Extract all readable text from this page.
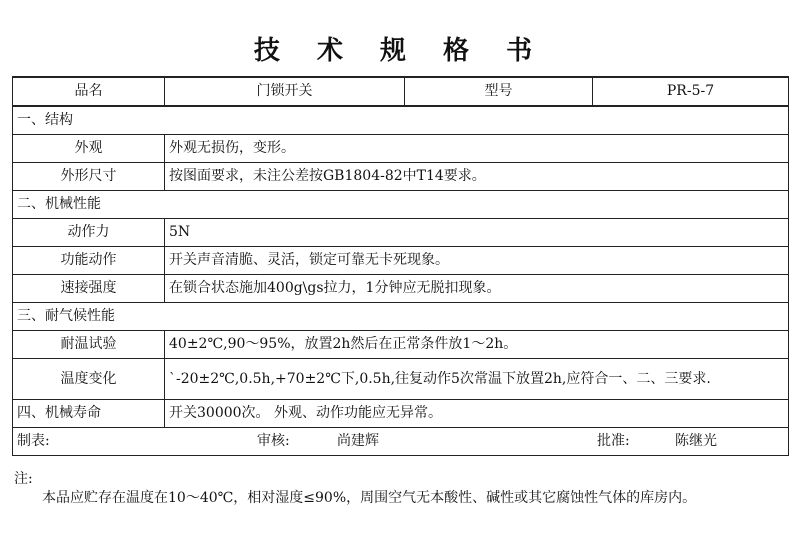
技 术 规 格 书
品名	门锁开关	型号	PR-5-7
一、结构			
外观	外观无损伤，变形。		
外形尺寸	按图面要求，未注公差按GB1804-82中T14要求。		
二、机械性能			
动作力	5N		
功能动作	开关声音清脆、灵活，锁定可靠无卡死现象。		
速接强度	在锁合状态施加400g\gs拉力，1分钟应无脱扣现象。		
三、耐气候性能			
耐温试验	40±2℃,90～95%，放置2h然后在正常条件放1～2h。		
温度变化	`-20±2℃,0.5h,+70±2℃下,0.5h,往复动作5次常温下放置2h,应符合一、二、三要求.		
四、机械寿命	开关30000次。 外观、动作功能应无异常。		
制表: 审核: 尚建辉 批准: 陈继光			

注:

本品应贮存在温度在10～40℃，相对湿度≤90%，周围空气无本酸性、碱性或其它腐蚀性气体的库房内。
